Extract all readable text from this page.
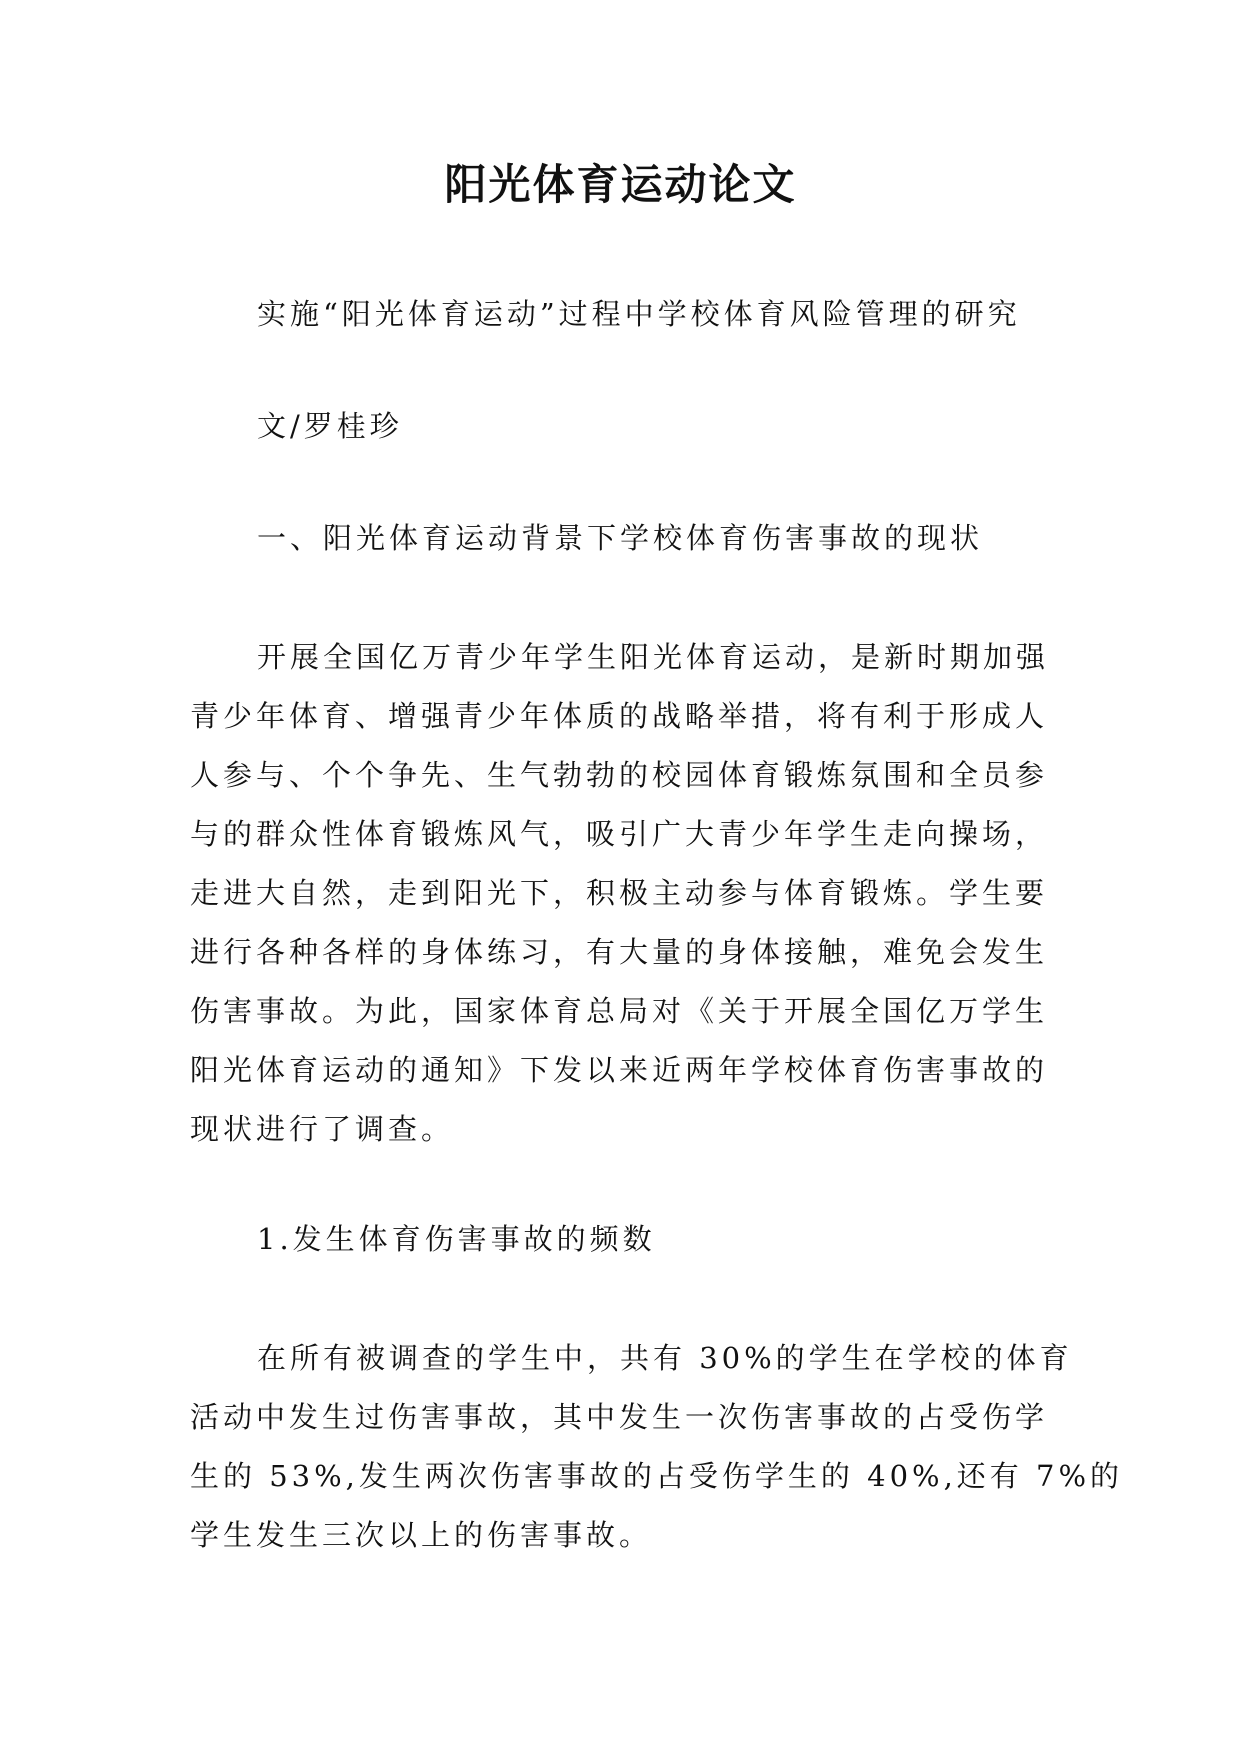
阳光体育运动论文
实施“阳光体育运动”过程中学校体育风险管理的研究
文/罗桂珍
一、阳光体育运动背景下学校体育伤害事故的现状
开展全国亿万青少年学生阳光体育运动，是新时期加强
青少年体育、增强青少年体质的战略举措，将有利于形成人
人参与、个个争先、生气勃勃的校园体育锻炼氛围和全员参
与的群众性体育锻炼风气，吸引广大青少年学生走向操场，
走进大自然，走到阳光下，积极主动参与体育锻炼。学生要
进行各种各样的身体练习，有大量的身体接触，难免会发生
伤害事故。为此，国家体育总局对《关于开展全国亿万学生
阳光体育运动的通知》下发以来近两年学校体育伤害事故的
现状进行了调查。
1.发生体育伤害事故的频数
在所有被调查的学生中，共有 30%的学生在学校的体育
活动中发生过伤害事故，其中发生一次伤害事故的占受伤学
生的 53%,发生两次伤害事故的占受伤学生的 40%,还有 7%的
学生发生三次以上的伤害事故。
